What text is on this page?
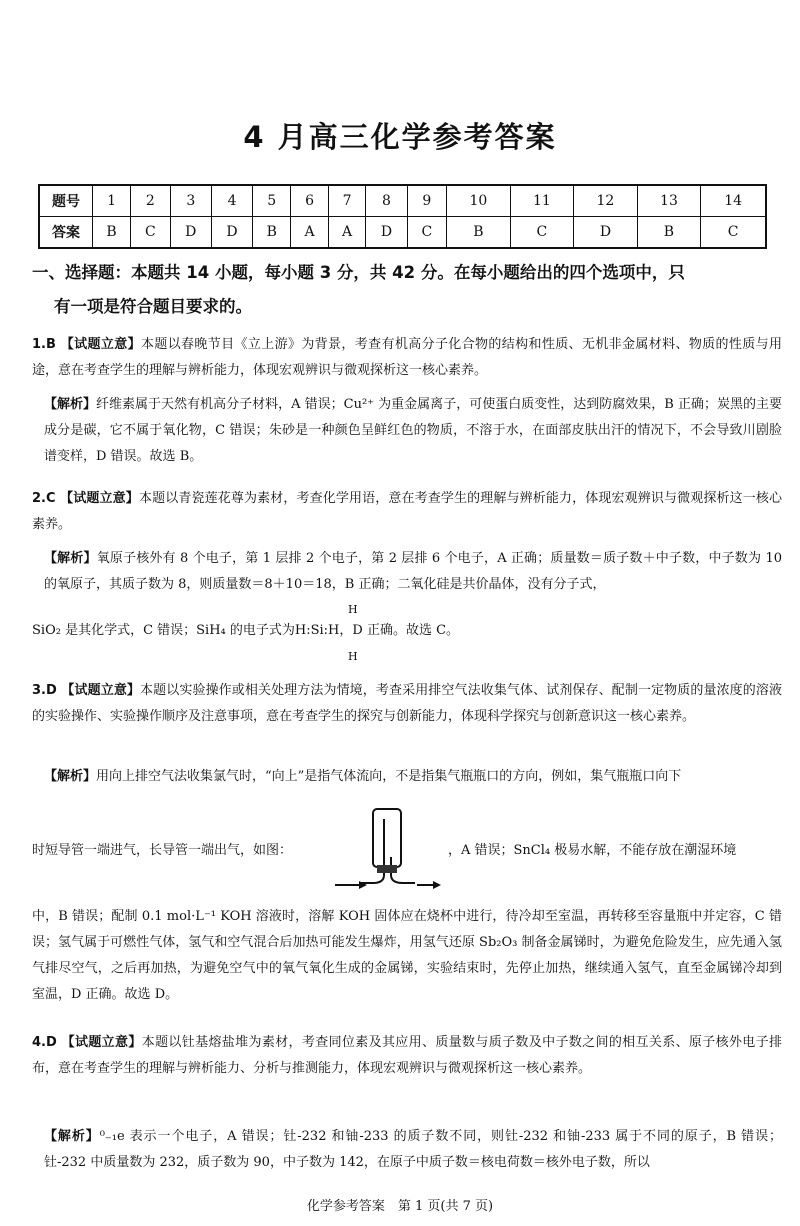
4 月高三化学参考答案
题号	1	2	3	4	5	6	7	8	9	10	11	12	13	14
答案	B	C	D	D	B	A	A	D	C	B	C	D	B	C
一、选择题：本题共 14 小题，每小题 3 分，共 42 分。在每小题给出的四个选项中，只
有一项是符合题目要求的。
1.B 【试题立意】本题以春晚节目《立上游》为背景，考查有机高分子化合物的结构和性质、无机非金属材料、物质的性质与用途，意在考查学生的理解与辨析能力，体现宏观辨识与微观探析这一核心素养。
【解析】纤维素属于天然有机高分子材料，A 错误；Cu²⁺ 为重金属离子，可使蛋白质变性，达到防腐效果，B 正确；炭黑的主要成分是碳，它不属于氧化物，C 错误；朱砂是一种颜色呈鲜红色的物质，不溶于水，在面部皮肤出汗的情况下，不会导致川剧脸谱变样，D 错误。故选 B。
2.C 【试题立意】本题以青瓷莲花尊为素材，考查化学用语，意在考查学生的理解与辨析能力，体现宏观辨识与微观探析这一核心素养。
【解析】氧原子核外有 8 个电子，第 1 层排 2 个电子，第 2 层排 6 个电子，A 正确；质量数＝质子数＋中子数，中子数为 10 的氧原子，其质子数为 8，则质量数＝8＋10＝18，B 正确；二氧化硅是共价晶体，没有分子式，
SiO₂ 是其化学式，C 错误；SiH₄ 的电子式为H:Si:H，D 正确。故选 C。
H
H
3.D 【试题立意】本题以实验操作或相关处理方法为情境，考查采用排空气法收集气体、试剂保存、配制一定物质的量浓度的溶液的实验操作、实验操作顺序及注意事项，意在考查学生的探究与创新能力，体现科学探究与创新意识这一核心素养。
【解析】用向上排空气法收集氯气时，“向上”是指气体流向，不是指集气瓶瓶口的方向，例如，集气瓶瓶口向下
时短导管一端进气，长导管一端出气，如图：	，A 错误；SnCl₄ 极易水解，不能存放在潮湿环境
中，B 错误；配制 0.1 mol·L⁻¹ KOH 溶液时，溶解 KOH 固体应在烧杯中进行，待冷却至室温，再转移至容量瓶中并定容，C 错误；氢气属于可燃性气体，氢气和空气混合后加热可能发生爆炸，用氢气还原 Sb₂O₃ 制备金属锑时，为避免危险发生，应先通入氢气排尽空气，之后再加热，为避免空气中的氧气氧化生成的金属锑，实验结束时，先停止加热，继续通入氢气，直至金属锑冷却到室温，D 正确。故选 D。
4.D 【试题立意】本题以钍基熔盐堆为素材，考查同位素及其应用、质量数与质子数及中子数之间的相互关系、原子核外电子排布，意在考查学生的理解与辨析能力、分析与推测能力，体现宏观辨识与微观探析这一核心素养。
【解析】⁰₋₁e 表示一个电子，A 错误；钍-232 和铀-233 的质子数不同，则钍-232 和铀-233 属于不同的原子，B 错误；钍-232 中质量数为 232，质子数为 90，中子数为 142，在原子中质子数＝核电荷数＝核外电子数，所以
化学参考答案　第 1 页(共 7 页)
